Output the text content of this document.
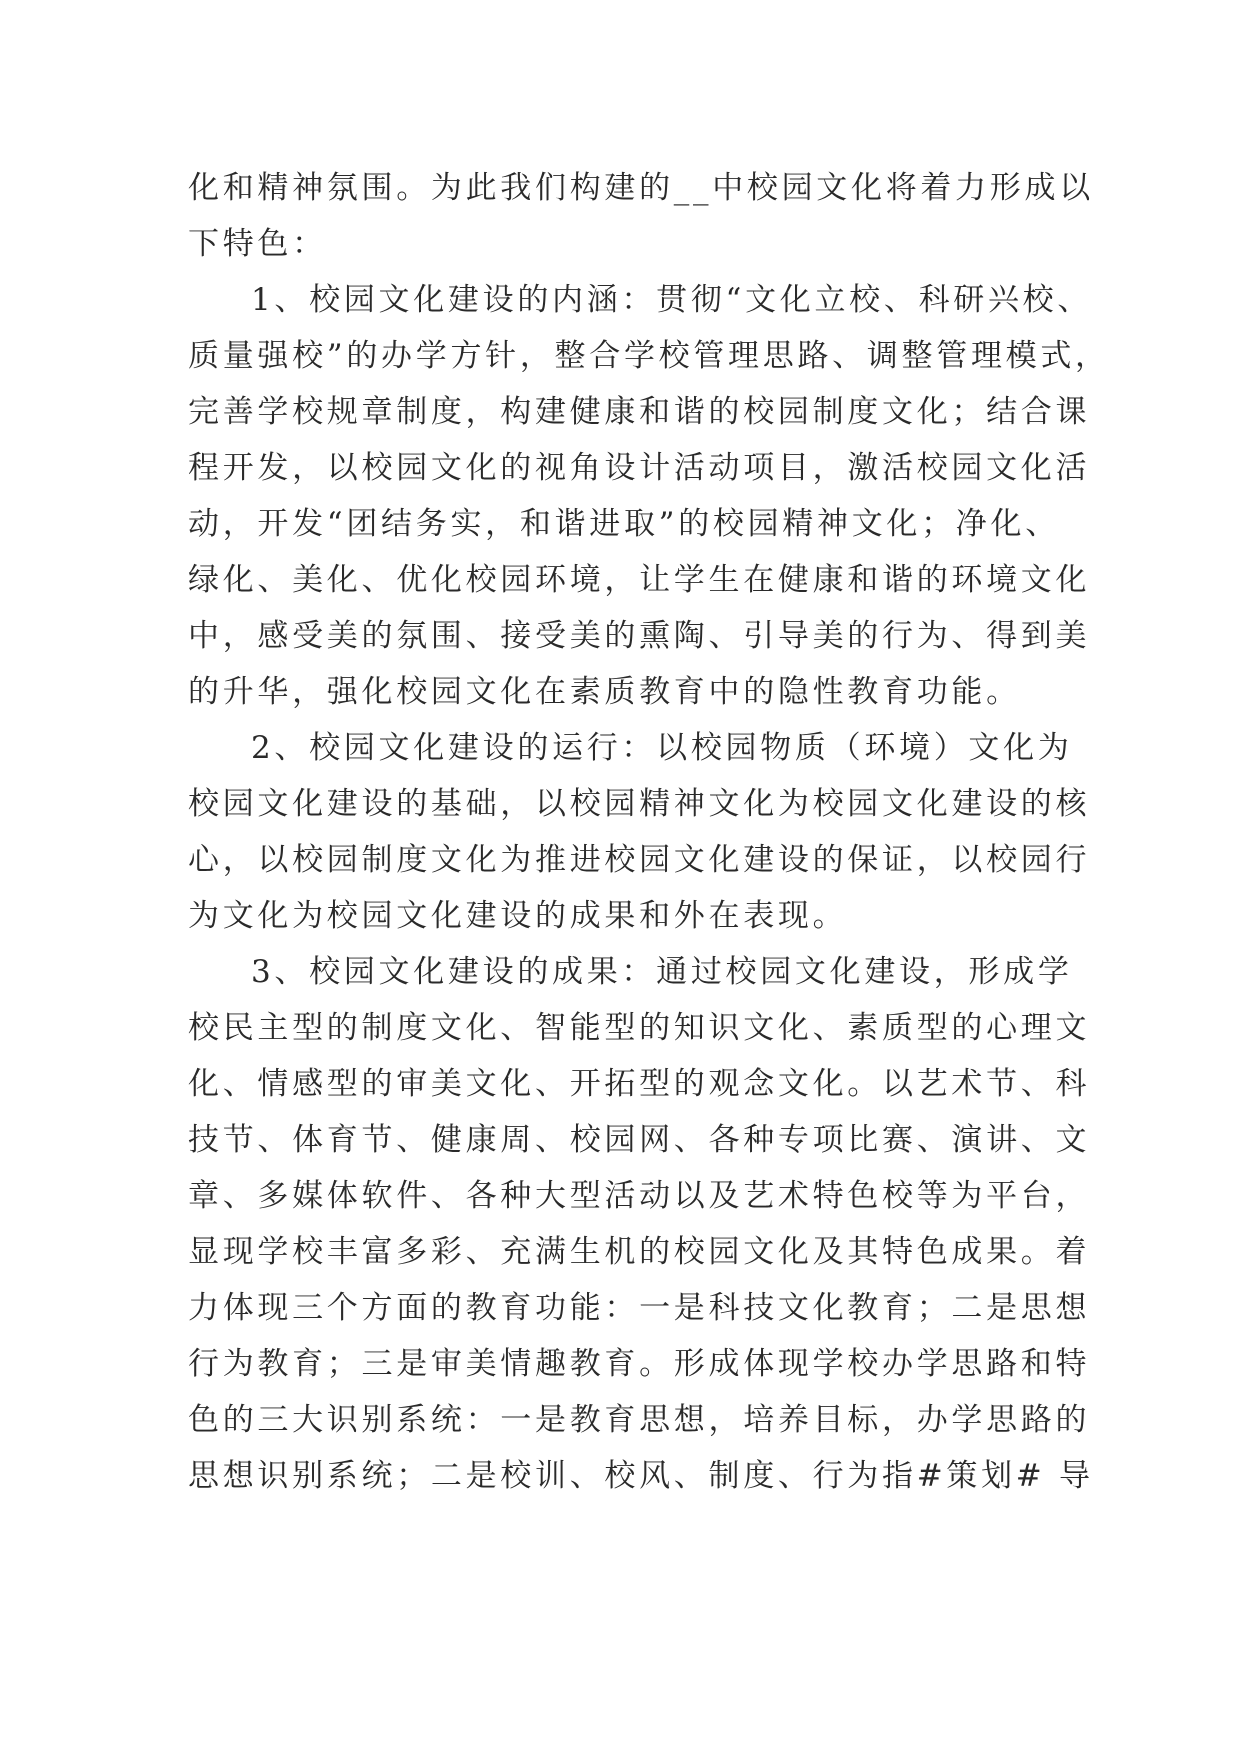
化和精神氛围。为此我们构建的__中校园文化将着力形成以
下特色：
1、校园文化建设的内涵：贯彻“文化立校、科研兴校、
质量强校”的办学方针，整合学校管理思路、调整管理模式，
完善学校规章制度，构建健康和谐的校园制度文化；结合课
程开发，以校园文化的视角设计活动项目，激活校园文化活
动，开发“团结务实，和谐进取”的校园精神文化；净化、
绿化、美化、优化校园环境，让学生在健康和谐的环境文化
中，感受美的氛围、接受美的熏陶、引导美的行为、得到美
的升华，强化校园文化在素质教育中的隐性教育功能。
2、校园文化建设的运行：以校园物质（环境）文化为
校园文化建设的基础，以校园精神文化为校园文化建设的核
心，以校园制度文化为推进校园文化建设的保证，以校园行
为文化为校园文化建设的成果和外在表现。
3、校园文化建设的成果：通过校园文化建设，形成学
校民主型的制度文化、智能型的知识文化、素质型的心理文
化、情感型的审美文化、开拓型的观念文化。以艺术节、科
技节、体育节、健康周、校园网、各种专项比赛、演讲、文
章、多媒体软件、各种大型活动以及艺术特色校等为平台，
显现学校丰富多彩、充满生机的校园文化及其特色成果。着
力体现三个方面的教育功能：一是科技文化教育；二是思想
行为教育；三是审美情趣教育。形成体现学校办学思路和特
色的三大识别系统：一是教育思想，培养目标，办学思路的
思想识别系统；二是校训、校风、制度、行为指#策划# 导
